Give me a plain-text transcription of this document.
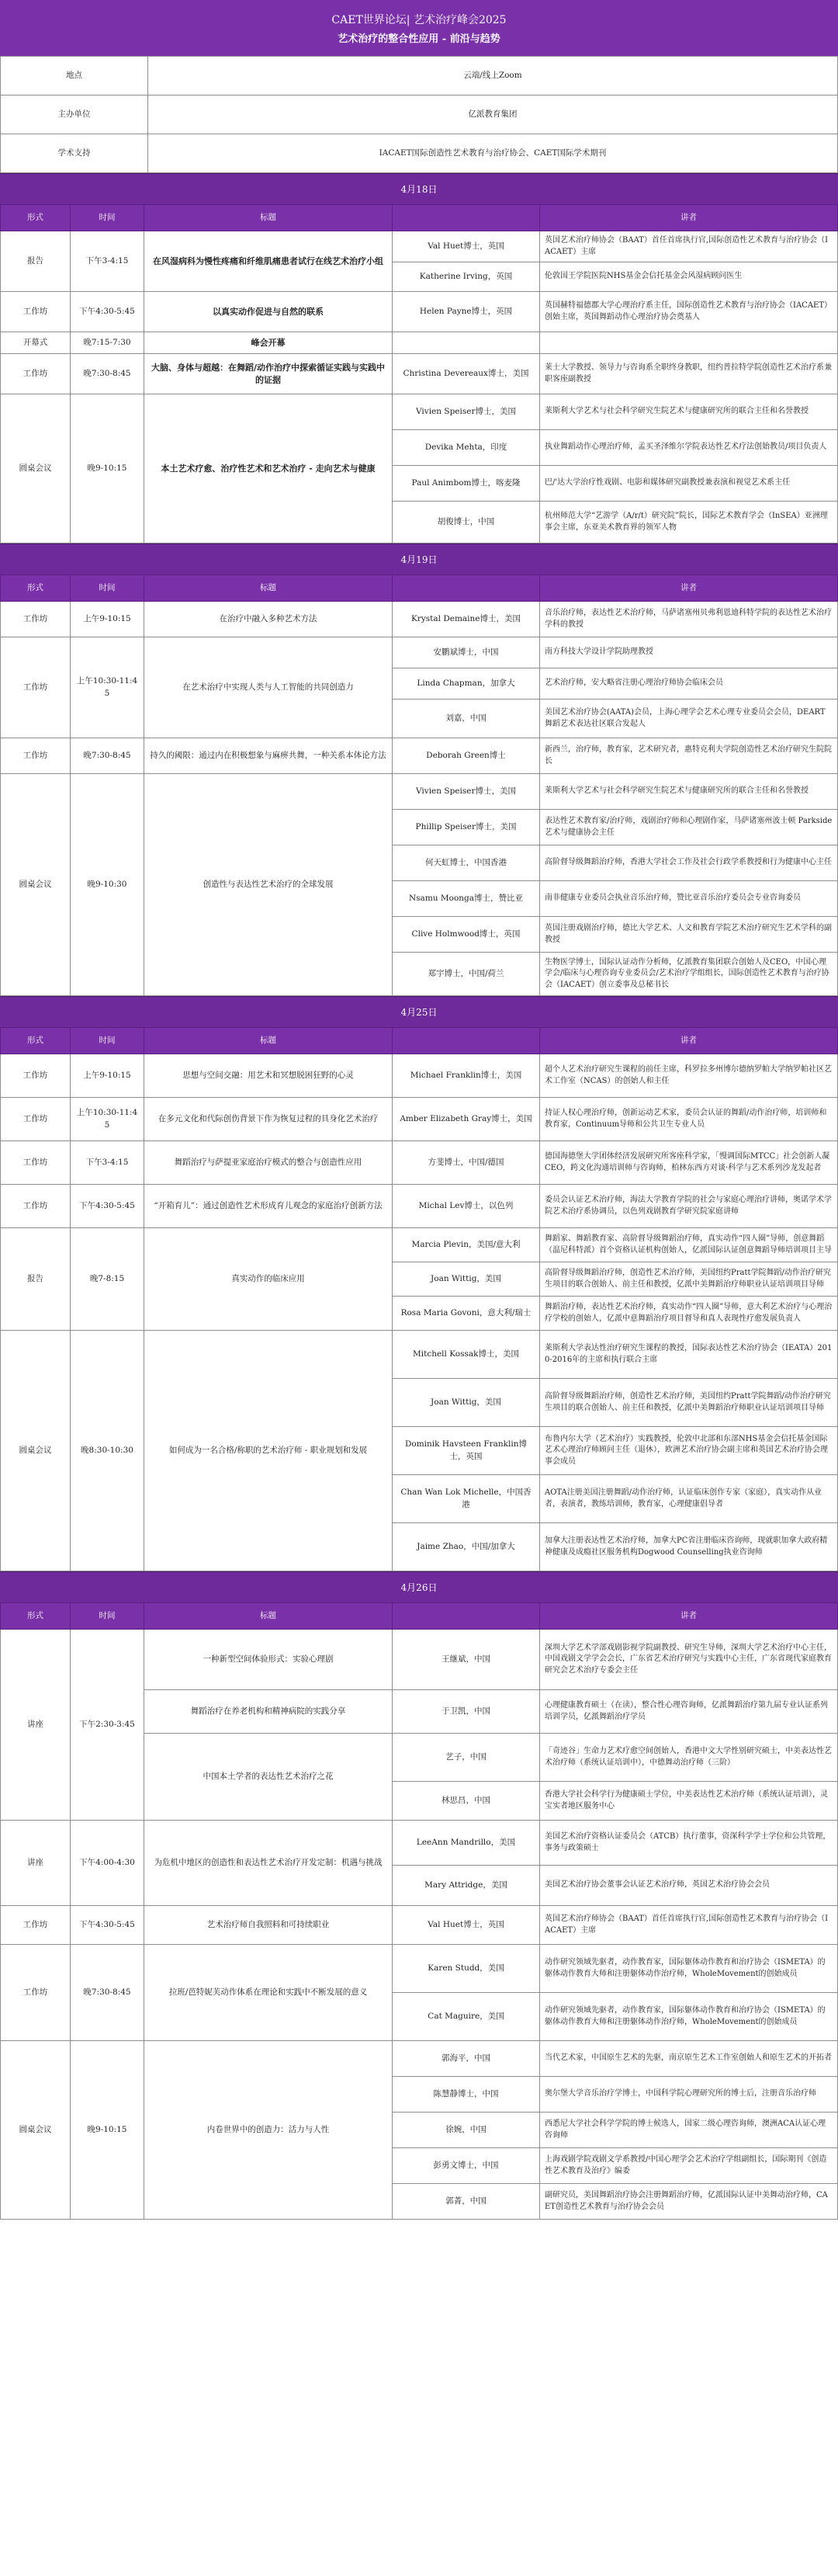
CAET世界论坛| 艺术治疗峰会2025
艺术治疗的整合性应用 - 前沿与趋势
地点	云端/线上Zoom
主办单位	亿派教育集团
学术支持	IACAET国际创造性艺术教育与治疗协会、CAET国际学术期刊
4月18日
形式	时间	标题		讲者
报告	下午3-4:15	在风湿病科为慢性疼痛和纤维肌痛患者试行在线艺术治疗小组	Val Huet博士，英国	英国艺术治疗师协会（BAAT）首任首席执行官,国际创造性艺术教育与治疗协会（IACAET）主席
			Katherine Irving，英国	伦敦国王学院医院NHS基金会信托基金会风湿病顾问医生
工作坊	下午4:30-5:45	以真实动作促进与自然的联系	Helen Payne博士，英国	英国赫特福德郡大学心理治疗系主任，国际创造性艺术教育与治疗协会（IACAET）创始主席，英国舞蹈动作心理治疗协会奠基人
开幕式	晚7:15-7:30	峰会开幕		
工作坊	晚7:30-8:45	大脑、身体与超越：在舞蹈/动作治疗中探索循证实践与实践中的证据	Christina Devereaux博士，美国	莱士大学教授、领导力与咨询系全职终身教职，纽约普拉特学院创造性艺术治疗系兼职客座副教授
圆桌会议	晚9-10:15	本土艺术疗愈、治疗性艺术和艺术治疗 - 走向艺术与健康	Vivien Speiser博士，美国	莱斯利大学艺术与社会科学研究生院艺术与健康研究所的联合主任和名誉教授
			Devika Mehta，印度	执业舞蹈动作心理治疗师，孟买圣泽维尔学院表达性艺术疗法创始教员/项目负责人
			Paul Animbom博士，喀麦隆	巴/'达大学治疗性戏剧、电影和媒体研究副教授兼表演和视觉艺术系主任
			胡俊博士，中国	杭州师范大学“艺游学（A/r/t）研究院”院长，国际艺术教育学会（InSEA）亚洲理事会主席，东亚美术教育界的领军人物
4月19日
形式	时间	标题		讲者
工作坊	上午9-10:15	在治疗中融入多种艺术方法	Krystal Demaine博士，美国	音乐治疗师，表达性艺术治疗师，马萨诸塞州贝弗利恩迪科特学院的表达性艺术治疗学科的教授
工作坊	上午10:30-11:45	在艺术治疗中实现人类与人工智能的共同创造力	安鹏斌博士，中国	南方科技大学设计学院助理教授
			Linda Chapman，加拿大	艺术治疗师，安大略省注册心理治疗师协会临床会员
			刘嘉，中国	美国艺术治疗协会(AATA)会员，上海心理学会艺术心理专业委员会会员，DEART舞蹈艺术表达社区联合发起人
工作坊	晚7:30-8:45	持久的阈限：通过内在积极想象与麻痹共舞，一种关系本体论方法	Deborah Green博士	新西兰，治疗师，教育家，艺术研究者，惠特克利夫学院创造性艺术治疗研究生院院长
圆桌会议	晚9-10:30	创造性与表达性艺术治疗的全球发展	Vivien Speiser博士，美国	莱斯利大学艺术与社会科学研究生院艺术与健康研究所的联合主任和名誉教授
			Phillip Speiser博士，美国	表达性艺术教育家/治疗师，戏剧治疗师和心理剧作家，马萨诸塞州波士顿 Parkside艺术与健康协会主任
			何天虹博士，中国香港	高阶督导级舞蹈治疗师，香港大学社会工作及社会行政学系教授和行为健康中心主任
			Nsamu Moonga博士，赞比亚	南非健康专业委员会执业音乐治疗师，赞比亚音乐治疗委员会专业咨询委员
			Clive Holmwood博士，英国	英国注册戏剧治疗师，德比大学艺术、人文和教育学院艺术治疗研究生艺术学科的副教授
			郑宇博士，中国/荷兰	生物医学博士，国际认证动作分析师，亿派教育集团联合创始人及CEO，中国心理学会/临床与心理咨询专业委员会/艺术治疗学组组长，国际创造性艺术教育与治疗协会（IACAET）创立委事及总秘书长
4月25日
形式	时间	标题		讲者
工作坊	上午9-10:15	思想与空间交融：用艺术和冥想脱困狂野的心灵	Michael Franklin博士，美国	超个人艺术治疗研究生课程的前任主席，科罗拉多州博尔德纳罗帕大学纳罗帕社区艺术工作室（NCAS）的创始人和主任
工作坊	上午10:30-11:45	在多元文化和代际创伤背景下作为恢复过程的具身化艺术治疗	Amber Elizabeth Gray博士，美国	持证人权心理治疗师，创新运动艺术家，委员会认证的舞蹈/动作治疗师，培训师和教育家，Continuum导师和公共卫生专业人员
工作坊	下午3-4:15	舞蹈治疗与萨提亚家庭治疗模式的整合与创造性应用	方斐博士，中国/德国	德国海德堡大学团体经济发展研究所客座科学家，「慢调国际MTCC」社会创新人凝CEO，跨文化沟通培训师与咨询师，柏林东西方对谈·科学与艺术系列沙龙发起者
工作坊	下午4:30-5:45	“开箱育儿”：通过创造性艺术形成育儿观念的家庭治疗创新方法	Michal Lev博士，以色列	委员会认证艺术治疗师，海法大学教育学院的社会与家庭心理治疗讲师，奥诺学术学院艺术治疗系协调员，以色列戏剧教育学研究院家庭讲师
报告	晚7-8:15	真实动作的临床应用	Marcia Plevin，美国/意大利	舞蹈家、舞蹈教育家、高阶督导级舞蹈治疗师，真实动作“四人圈”导师，创意舞蹈（温尼科特派）首个资格认证机构创始人，亿派国际认证创意舞蹈导师培训项目主导
			Joan Wittig，美国	高阶督导级舞蹈治疗师，创造性艺术治疗师，美国纽约Pratt学院舞蹈/动作治疗研究生项目的联合创始人、前主任和教授，亿派中美舞蹈治疗师职业认证培训项目导师
			Rosa Maria Govoni，意大利/瑞士	舞蹈治疗师，表达性艺术治疗师，真实动作“四人圈”导师，意大利艺术治疗与心理治疗学校的创始人，亿派中意舞蹈治疗项目督导和真人表现性疗愈发展负责人
圆桌会议	晚8:30-10:30	如何成为一名合格/称职的艺术治疗师 - 职业规划和发展	Mitchell Kossak博士，美国	莱斯利大学表达性治疗研究生课程的教授，国际表达性艺术治疗协会（IEATA）2010-2016年的主席和执行联合主席
			Joan Wittig，美国	高阶督导级舞蹈治疗师，创造性艺术治疗师，美国纽约Pratt学院舞蹈/动作治疗研究生项目的联合创始人、前主任和教授，亿派中美舞蹈治疗师职业认证培训项目导师
			Dominik Havsteen Franklin博士，英国	布鲁内尔大学（艺术治疗）实践教授，伦敦中北部和东部NHS基金会信托基金国际艺术心理治疗师顾问主任（退休），欧洲艺术治疗协会副主席和英国艺术治疗协会理事会成员
			Chan Wan Lok Michelle，中国香港	AOTA注册美国注册舞蹈/动作治疗师，认证临床创作专家（家庭），真实动作从业者，表演者，教练培训师，教育家，心理健康倡导者
			Jaime Zhao，中国/加拿大	加拿大注册表达性艺术治疗师，加拿大PC省注册临床咨询师，现就职加拿大政府精神健康及成瘾社区服务机构Dogwood Counselling执业咨询师
4月26日
形式	时间	标题		讲者
讲座	下午2:30-3:45	一种新型空间体验形式：实验心理剧	王继斌，中国	深圳大学艺术学部戏剧影视学院副教授、研究生导师，深圳大学艺术治疗中心主任，中国戏剧文学学会会长，广东省艺术治疗研究与实践中心主任，广东省现代家庭教育研究会艺术治疗专委会主任
		舞蹈治疗在养老机构和精神病院的实践分享	于卫凯，中国	心理健康教育硕士（在读），整合性心理咨询师，亿派舞蹈治疗第九届专业认证系列培训学员，亿派舞蹈治疗学员
		中国本土学者的表达性艺术治疗之花	艺子，中国	「奇迹谷」生命力艺术疗愈空间创始人，香港中文大学性别研究硕士，中美表达性艺术治疗师（系统认证培训中），中德舞动治疗师（三阶）
			林思昌，中国	香港大学社会科学行为健康硕士学位，中美表达性艺术治疗师（系统认证培训），灵宝实者地区服务中心
讲座	下午4:00-4:30	为危机中地区的创造性和表达性艺术治疗开发定制：机遇与挑战	LeeAnn Mandrillo，美国	美国艺术治疗资格认证委员会（ATCB）执行董事，资深科学学士学位和公共管理，事务与政策硕士
			Mary Attridge，美国	美国艺术治疗协会董事会认证艺术治疗师，英国艺术治疗协会会员
工作坊	下午4:30-5:45	艺术治疗师自我照料和可持续职业	Val Huet博士，英国	英国艺术治疗师协会（BAAT）首任首席执行官,国际创造性艺术教育与治疗协会（IACAET）主席
工作坊	晚7:30-8:45	拉班/芭特妮芙动作体系在理论和实践中不断发展的意义	Karen Studd，美国	动作研究领域先驱者，动作教育家，国际躯体动作教育和治疗协会（ISMETA）的躯体动作教育大师和注册躯体动作治疗师，WholeMovement的创始成员
			Cat Maguire，美国	动作研究领域先驱者，动作教育家，国际躯体动作教育和治疗协会（ISMETA）的躯体动作教育大师和注册躯体动作治疗师，WholeMovement的创始成员
圆桌会议	晚9-10:15	内卷世界中的创造力：活力与人性	郭海平，中国	当代艺术家，中国原生艺术的先驱，南京原生艺术工作室创始人和原生艺术的开拓者
			陈慧静博士，中国	奥尔堡大学音乐治疗学博士，中国科学院心理研究所的博士后，注册音乐治疗师
			徐婉，中国	西悉尼大学社会科学学院的博士候选人，国家二级心理咨询师，澳洲ACA认证心理咨询师
			彭勇文博士，中国	上海戏剧学院戏剧文学系教授/中国心理学会艺术治疗学组副组长，国际期刊《创造性艺术教育及治疗》编委
			郭菁，中国	副研究员，美国舞蹈治疗协会注册舞蹈治疗师，亿派国际认证中美舞动治疗师，CAET创造性艺术教育与治疗协会会员
